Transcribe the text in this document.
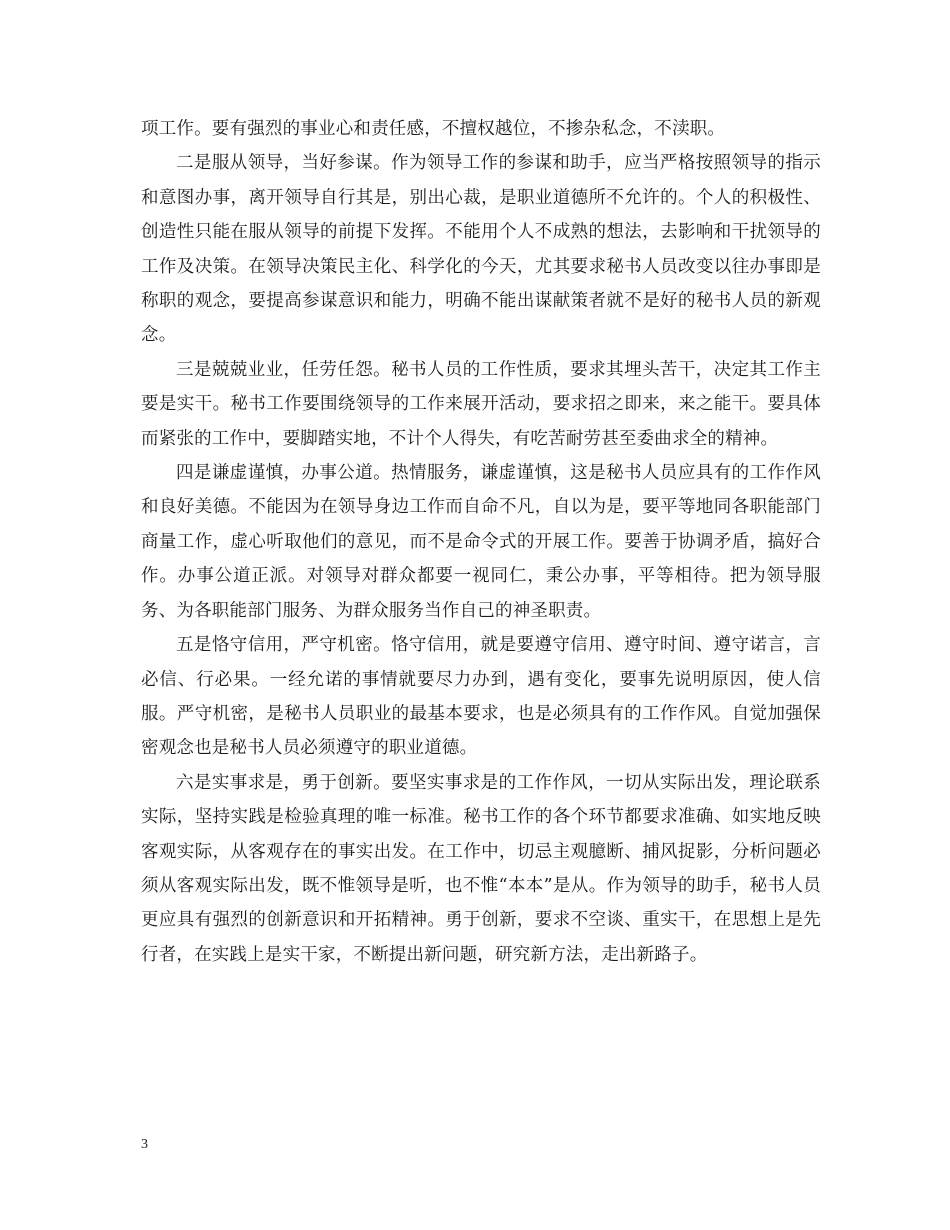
项工作。要有强烈的事业心和责任感，不擅权越位，不掺杂私念，不渎职。

二是服从领导，当好参谋。作为领导工作的参谋和助手，应当严格按照领导的指示和意图办事，离开领导自行其是，别出心裁，是职业道德所不允许的。个人的积极性、创造性只能在服从领导的前提下发挥。不能用个人不成熟的想法，去影响和干扰领导的工作及决策。在领导决策民主化、科学化的今天，尤其要求秘书人员改变以往办事即是称职的观念，要提高参谋意识和能力，明确不能出谋献策者就不是好的秘书人员的新观念。

三是兢兢业业，任劳任怨。秘书人员的工作性质，要求其埋头苦干，决定其工作主要是实干。秘书工作要围绕领导的工作来展开活动，要求招之即来，来之能干。要具体而紧张的工作中，要脚踏实地，不计个人得失，有吃苦耐劳甚至委曲求全的精神。

四是谦虚谨慎，办事公道。热情服务，谦虚谨慎，这是秘书人员应具有的工作作风和良好美德。不能因为在领导身边工作而自命不凡，自以为是，要平等地同各职能部门商量工作，虚心听取他们的意见，而不是命令式的开展工作。要善于协调矛盾，搞好合作。办事公道正派。对领导对群众都要一视同仁，秉公办事，平等相待。把为领导服务、为各职能部门服务、为群众服务当作自己的神圣职责。

五是恪守信用，严守机密。恪守信用，就是要遵守信用、遵守时间、遵守诺言，言必信、行必果。一经允诺的事情就要尽力办到，遇有变化，要事先说明原因，使人信服。严守机密，是秘书人员职业的最基本要求，也是必须具有的工作作风。自觉加强保密观念也是秘书人员必须遵守的职业道德。

六是实事求是，勇于创新。要坚实事求是的工作作风，一切从实际出发，理论联系实际，坚持实践是检验真理的唯一标准。秘书工作的各个环节都要求准确、如实地反映客观实际，从客观存在的事实出发。在工作中，切忌主观臆断、捕风捉影，分析问题必须从客观实际出发，既不惟领导是听，也不惟“本本”是从。作为领导的助手，秘书人员更应具有强烈的创新意识和开拓精神。勇于创新，要求不空谈、重实干，在思想上是先行者，在实践上是实干家，不断提出新问题，研究新方法，走出新路子。

3
